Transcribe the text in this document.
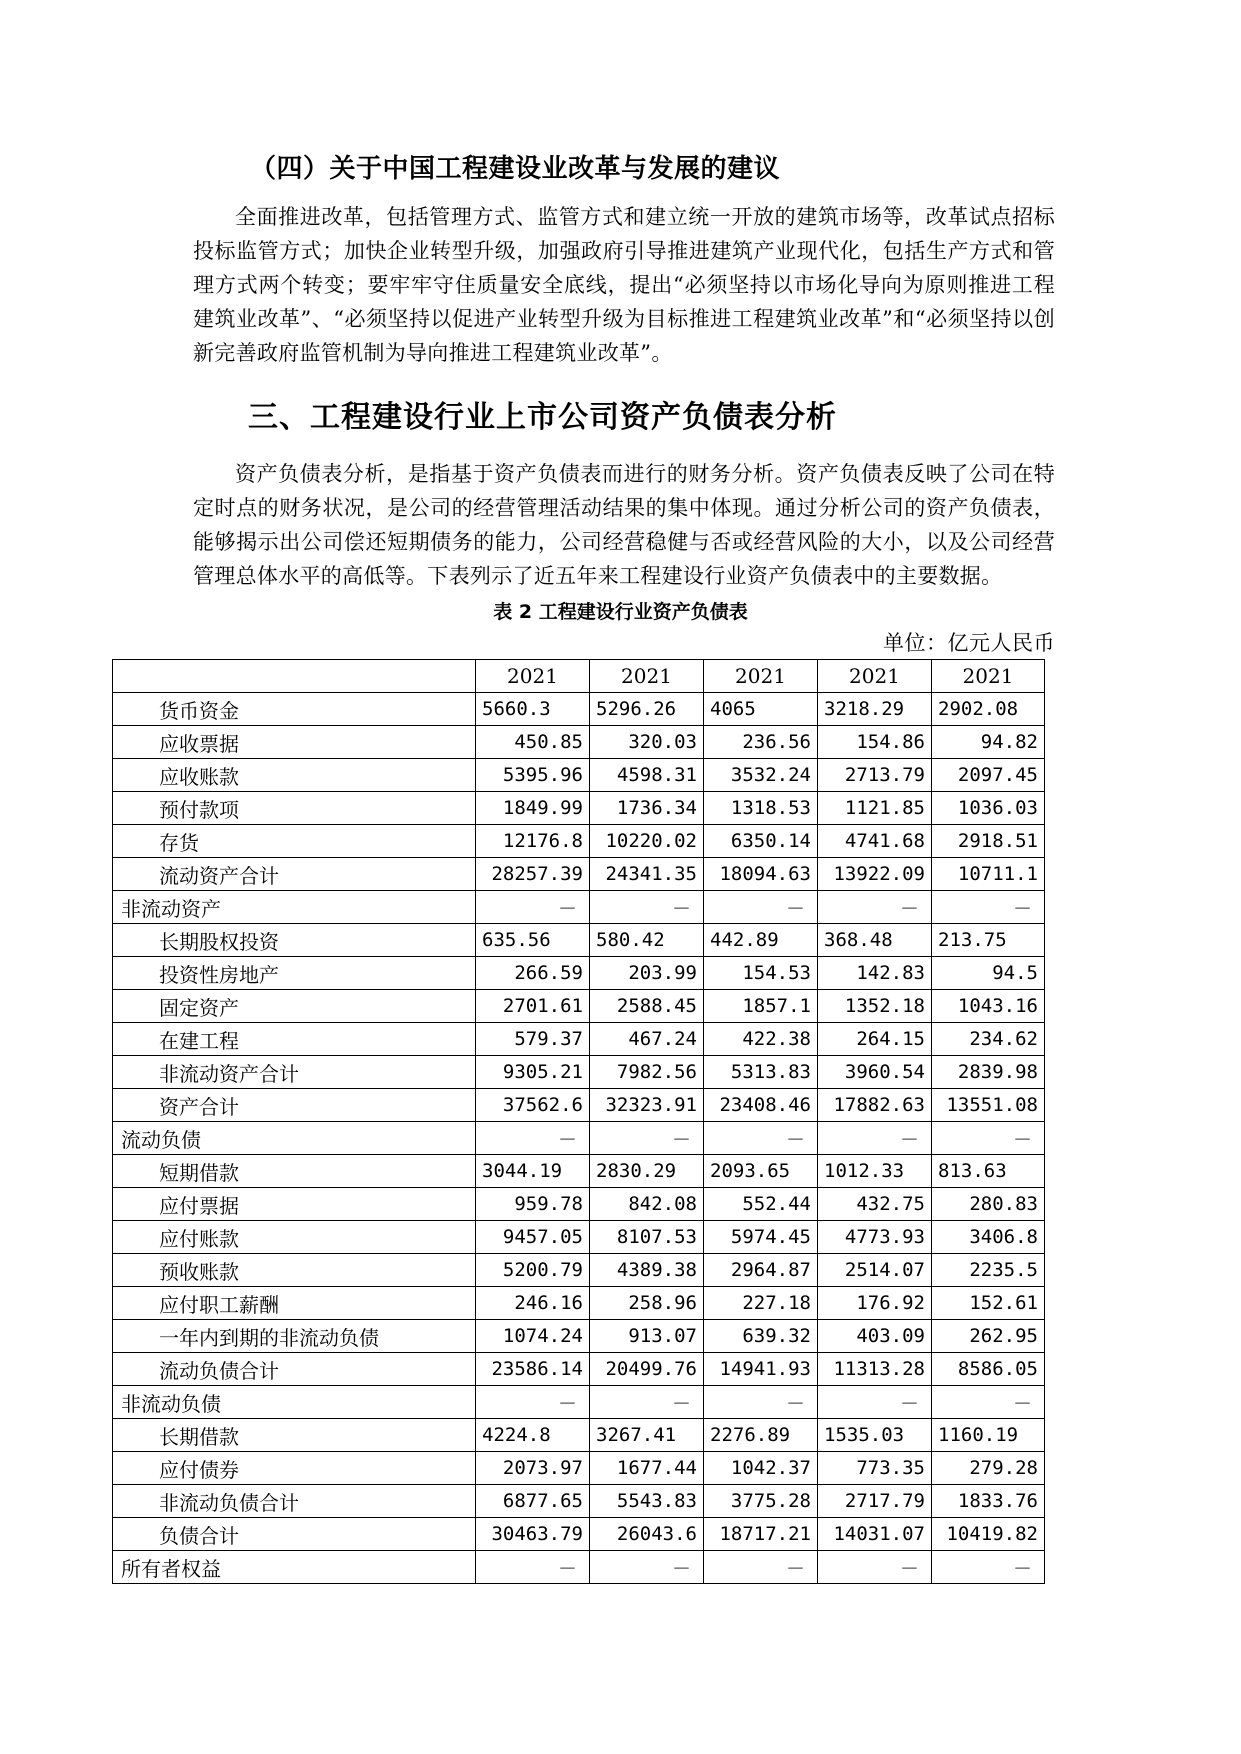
（四）关于中国工程建设业改革与发展的建议
全面推进改革，包括管理方式、监管方式和建立统一开放的建筑市场等，改革试点招标投标监管方式；加快企业转型升级，加强政府引导推进建筑产业现代化，包括生产方式和管理方式两个转变；要牢牢守住质量安全底线，提出“必须坚持以市场化导向为原则推进工程建筑业改革”、“必须坚持以促进产业转型升级为目标推进工程建筑业改革”和“必须坚持以创新完善政府监管机制为导向推进工程建筑业改革”。
三、工程建设行业上市公司资产负债表分析
资产负债表分析，是指基于资产负债表而进行的财务分析。资产负债表反映了公司在特定时点的财务状况，是公司的经营管理活动结果的集中体现。通过分析公司的资产负债表，能够揭示出公司偿还短期债务的能力，公司经营稳健与否或经营风险的大小，以及公司经营管理总体水平的高低等。下表列示了近五年来工程建设行业资产负债表中的主要数据。
表 2 工程建设行业资产负债表
单位：亿元人民币
	2021	2021	2021	2021	2021
货币资金	5660.3	5296.26	4065	3218.29	2902.08
应收票据	450.85	320.03	236.56	154.86	94.82
应收账款	5395.96	4598.31	3532.24	2713.79	2097.45
预付款项	1849.99	1736.34	1318.53	1121.85	1036.03
存货	12176.8	10220.02	6350.14	4741.68	2918.51
流动资产合计	28257.39	24341.35	18094.63	13922.09	10711.1
非流动资产	－	－	－	－	－
长期股权投资	635.56	580.42	442.89	368.48	213.75
投资性房地产	266.59	203.99	154.53	142.83	94.5
固定资产	2701.61	2588.45	1857.1	1352.18	1043.16
在建工程	579.37	467.24	422.38	264.15	234.62
非流动资产合计	9305.21	7982.56	5313.83	3960.54	2839.98
资产合计	37562.6	32323.91	23408.46	17882.63	13551.08
流动负债	－	－	－	－	－
短期借款	3044.19	2830.29	2093.65	1012.33	813.63
应付票据	959.78	842.08	552.44	432.75	280.83
应付账款	9457.05	8107.53	5974.45	4773.93	3406.8
预收账款	5200.79	4389.38	2964.87	2514.07	2235.5
应付职工薪酬	246.16	258.96	227.18	176.92	152.61
一年内到期的非流动负债	1074.24	913.07	639.32	403.09	262.95
流动负债合计	23586.14	20499.76	14941.93	11313.28	8586.05
非流动负债	－	－	－	－	－
长期借款	4224.8	3267.41	2276.89	1535.03	1160.19
应付债券	2073.97	1677.44	1042.37	773.35	279.28
非流动负债合计	6877.65	5543.83	3775.28	2717.79	1833.76
负债合计	30463.79	26043.6	18717.21	14031.07	10419.82
所有者权益	－	－	－	－	－
